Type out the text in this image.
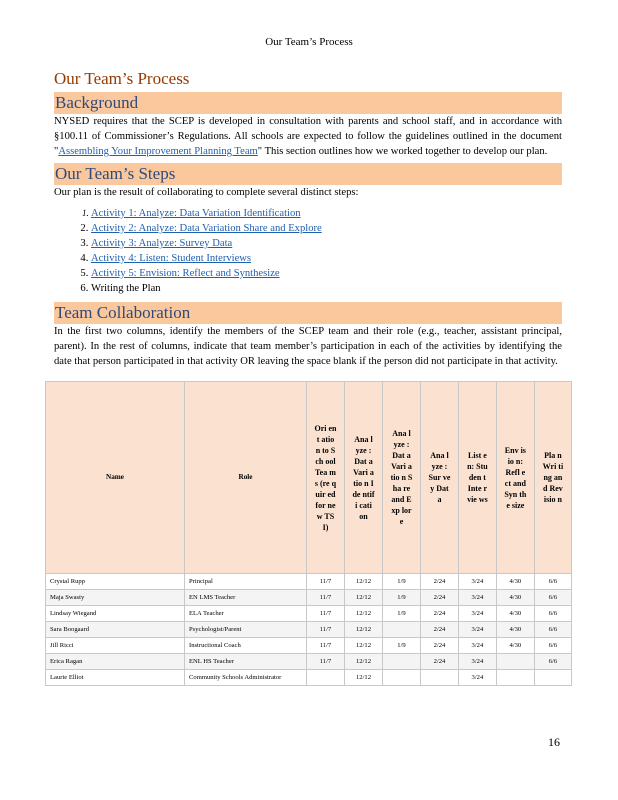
Our Team’s Process
Our Team’s Process
Background

NYSED requires that the SCEP is developed in consultation with parents and school staff, and in accordance with §100.11 of Commissioner’s Regulations. All schools are expected to follow the guidelines outlined in the document "Assembling Your Improvement Planning Team" This section outlines how we worked together to develop our plan.

Our Team’s Steps

Our plan is the result of collaborating to complete several distinct steps:

1. Activity 1: Analyze: Data Variation Identification
2. Activity 2: Analyze: Data Variation Share and Explore
3. Activity 3: Analyze: Survey Data
4. Activity 4: Listen: Student Interviews
5. Activity 5: Envision: Reflect and Synthesize
6. Writing the Plan
Team Collaboration

In the first two columns, identify the members of the SCEP team and their role (e.g., teacher, assistant principal, parent). In the rest of columns, indicate that team member’s participation in each of the activities by identifying the date that person participated in that activity OR leaving the space blank if the person did not participate in that activity.

Name	Role	Ori ent atio n to Sch ool Tea ms (re quir ed for ne w TSI)	Ana lyze : Dat a Vari atio n Ide ntifi cati on	Ana lyze : Dat a Vari atio n Sha re and Exp lore	Ana lyze : Sur vey Dat a	List en: Stu den t Inte rvie ws	Env isio n: Refl ect and Syn the size	Pla n Wri ting and Rev isio n

Crystal Rupp	Principal	11/7	12/12	1/9	2/24	3/24	4/30	6/6
Maja Swasty	EN LMS Teacher	11/7	12/12	1/9	2/24	3/24	4/30	6/6
Lindsay Wiegand	ELA Teacher	11/7	12/12	1/9	2/24	3/24	4/30	6/6
Sara Boogaard	Psychologist/Parent	11/7	12/12		2/24	3/24	4/30	6/6
Jill Ricci	Instructional Coach	11/7	12/12	1/9	2/24	3/24	4/30	6/6
Erica Ragan	ENL HS Teacher	11/7	12/12		2/24	3/24		6/6
Laurie Elliot	Community Schools Administrator		12/12			3/24		
16
